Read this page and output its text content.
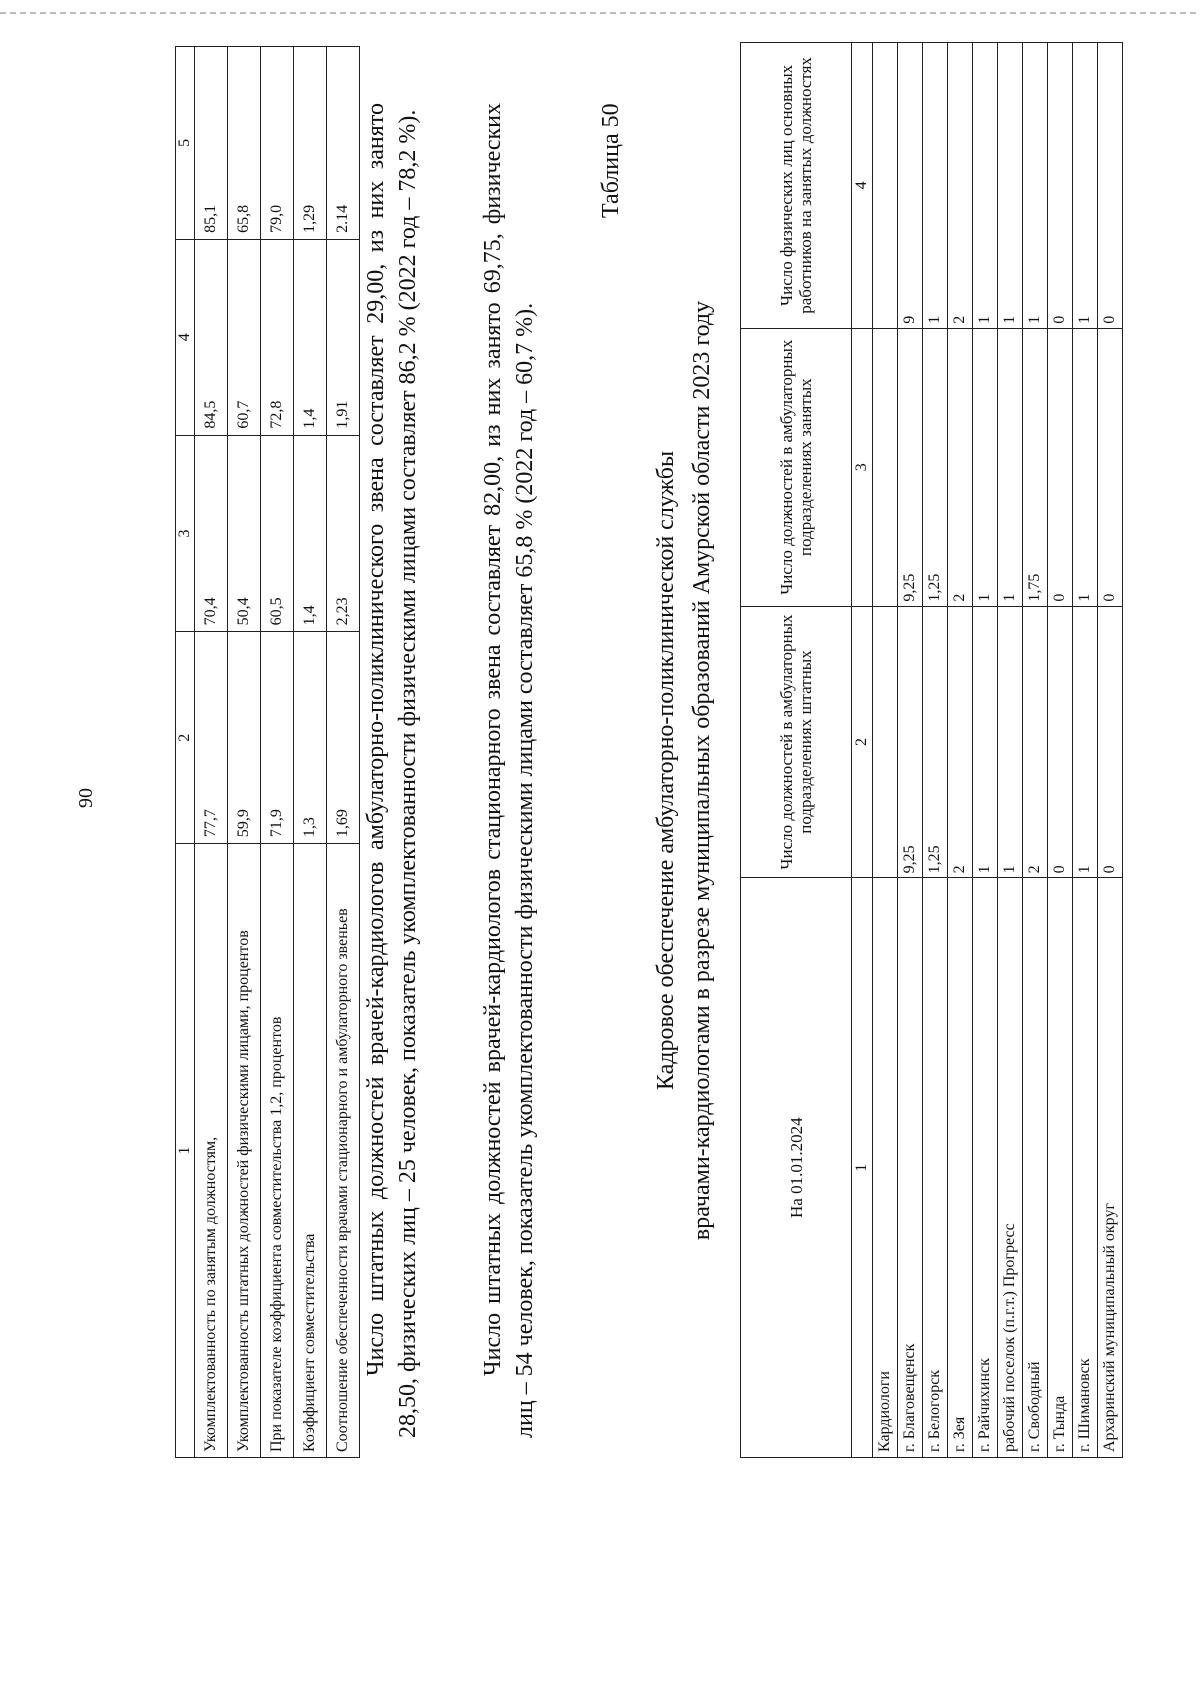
90
1	2	3	4	5
Укомплектованность по занятым должностям,	77,7	70,4	84,5	85,1
Укомплектованность штатных должностей физическими лицами, процентов	59,9	50,4	60,7	65,8
При показателе коэффициента совместительства 1,2, процентов	71,9	60,5	72,8	79,0
Коэффициент совместительства	1,3	1,4	1,4	1,29
Соотношение обеспеченности врачами стационарного и амбулаторного звеньев	1,69	2,23	1,91	2.14 Число штатных должностей врачей-кардиологов амбулаторно-поликлинического звена составляет 29,00, из них занято 28,50, физических лиц – 25 человек, показатель укомплектованности физическими лицами составляет 86,2 % (2022 год – 78,2 %). Число штатных должностей врачей-кардиологов стационарного звена составляет 82,00, из них занято 69,75, физических лиц – 54 человек, показатель укомплектованности физическими лицами составляет 65,8 % (2022 год – 60,7 %).

Таблица 50
Кадровое обеспечение амбулаторно-поликлинической службы врачами-кардиологами в разрезе муниципальных образований Амурской области 2023 году	На 01.01.2024	Число должностей в амбулаторных подразделениях штатных	Число должностей в амбулаторных подразделениях занятых	Число физических лиц основных работников на занятых должностях
1	2	3	4
Кардиологи			
г. Благовещенск	9,25	9,25	9
г. Белогорск	1,25	1,25	1
г. Зея	2	2	2
г. Райчихинск	1	1	1
рабочий поселок (п.г.т.) Прогресс	1	1	1
г. Свободный	2	1,75	1
г. Тында	0	0	0
г. Шимановск	1	1	1
Архаринский муниципальный округ	0	0	0
